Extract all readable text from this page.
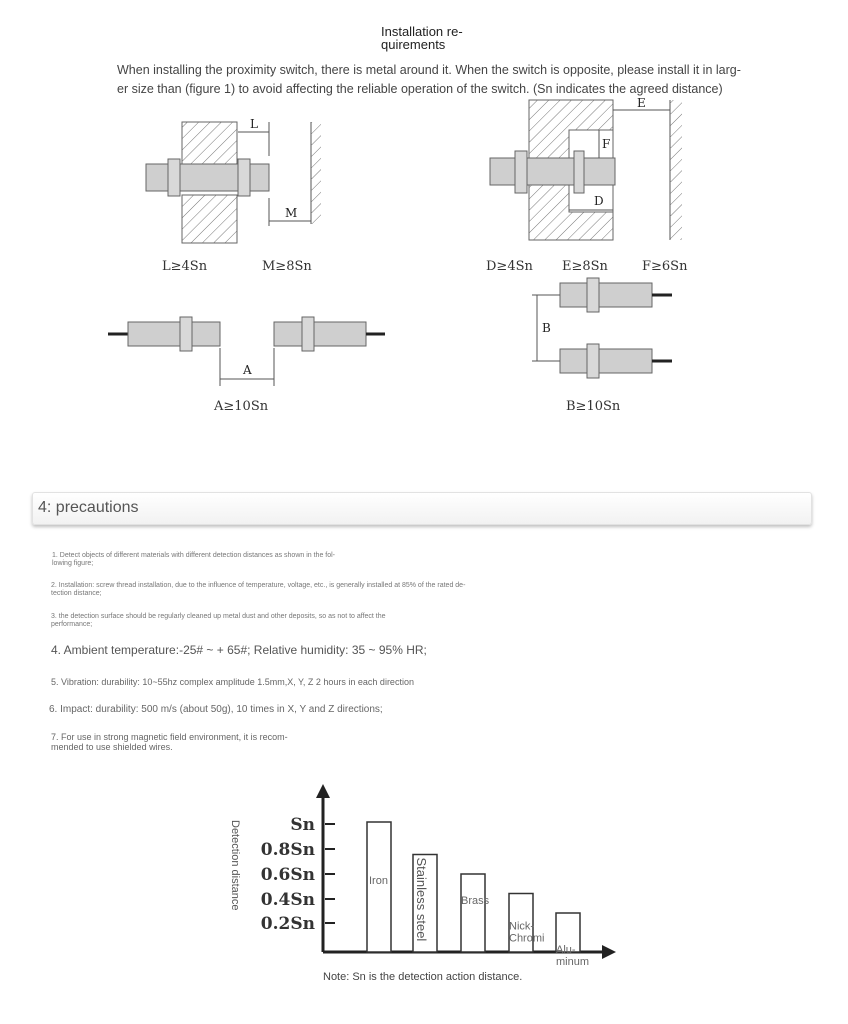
Installation re-
quirements
When installing the proximity switch, there is metal around it. When the switch is opposite, please install it in larg-
er size than (figure 1) to avoid affecting the reliable operation of the switch. (Sn indicates the agreed distance)
L
M
L≥4Sn	M≥8Sn
E
F
D
D≥4Sn E≥8Sn	F≥6Sn
A
A≥10Sn
B
B≥10Sn
4: precautions
1. Detect objects of different materials with different detection distances as shown in the fol-
lowing figure;
2. Installation: screw thread installation, due to the influence of temperature, voltage, etc., is generally installed at 85% of the rated de-
tection distance;
3. the detection surface should be regularly cleaned up metal dust and other deposits, so as not to affect the
performance;
4. Ambient temperature:-25# ~ + 65#; Relative humidity: 35 ~ 95% HR;
5. Vibration: durability: 10~55hz complex amplitude 1.5mm,X, Y, Z 2 hours in each direction
6. Impact: durability: 500 m/s (about 50g), 10 times in X, Y and Z directions;
7. For use in strong magnetic field environment, it is recom-
mended to use shielded wires.
Detection distance	Sn
0.8Sn
0.6Sn
0.4Sn
0.2Sn
Iron Stainless steel	Brass
Nick-
Chromi
Alu-
minum
Note: Sn is the detection action distance.
